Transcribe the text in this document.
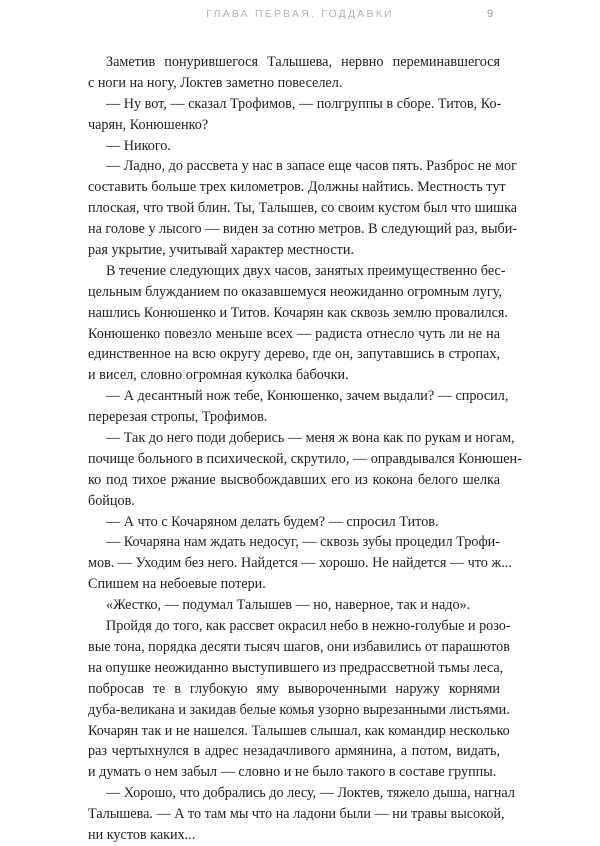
ГЛАВА ПЕРВАЯ. ГОДДАВКИ	9
Заметив понурившегося Талышева, нервно переминавшегося
с ноги на ногу, Локтев заметно повеселел.
— Ну вот, — сказал Трофимов, — полгруппы в сборе. Титов, Ко-
чарян, Конюшенко?
— Никого.
— Ладно, до рассвета у нас в запасе еще часов пять. Разброс не мог
составить больше трех километров. Должны найтись. Местность тут
плоская, что твой блин. Ты, Талышев, со своим кустом был что шишка
на голове у лысого — виден за сотню метров. В следующий раз, выби-
рая укрытие, учитывай характер местности.
В течение следующих двух часов, занятых преимущественно бес-
цельным блужданием по оказавшемуся неожиданно огромным лугу,
нашлись Конюшенко и Титов. Кочарян как сквозь землю провалился.
Конюшенко повезло меньше всех — радиста отнесло чуть ли не на
единственное на всю округу дерево, где он, запутавшись в стропах,
и висел, словно огромная куколка бабочки.
— А десантный нож тебе, Конюшенко, зачем выдали? — спросил,
перерезая стропы, Трофимов.
— Так до него поди доберись — меня ж вона как по рукам и ногам,
почище больного в психической, скрутило, — оправдывался Конюшен-
ко под тихое ржание высвобождавших его из кокона белого шелка
бойцов.
— А что с Кочаряном делать будем? — спросил Титов.
— Кочаряна нам ждать недосуг, — сквозь зубы процедил Трофи-
мов. — Уходим без него. Найдется — хорошо. Не найдется — что ж...
Спишем на небоевые потери.
«Жестко, — подумал Талышев — но, наверное, так и надо».
Пройдя до того, как рассвет окрасил небо в нежно-голубые и розо-
вые тона, порядка десяти тысяч шагов, они избавились от парашютов
на опушке неожиданно выступившего из предрассветной тьмы леса,
побросав те в глубокую яму вывороченными наружу корнями
дуба-великана и закидав белые комья узорно вырезанными листьями.
Кочарян так и не нашелся. Талышев слышал, как командир несколько
раз чертыхнулся в адрес незадачливого армянина, а потом, видать,
и думать о нем забыл — словно и не было такого в составе группы.
— Хорошо, что добрались до лесу, — Локтев, тяжело дыша, нагнал
Талышева. — А то там мы что на ладони были — ни травы высокой,
ни кустов каких...
